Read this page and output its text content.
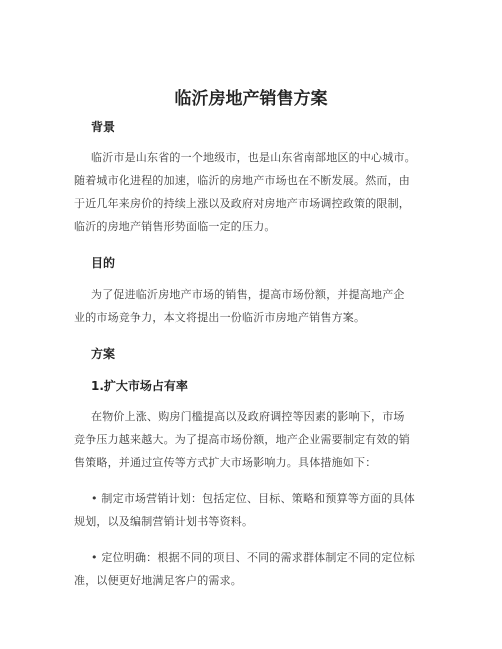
临沂房地产销售方案
背景

临沂市是山东省的一个地级市，也是山东省南部地区的中心城市。

随着城市化进程的加速，临沂的房地产市场也在不断发展。然而，由

于近几年来房价的持续上涨以及政府对房地产市场调控政策的限制，

临沂的房地产销售形势面临一定的压力。

目的

为了促进临沂房地产市场的销售，提高市场份额，并提高地产企

业的市场竞争力，本文将提出一份临沂市房地产销售方案。

方案
1.扩大市场占有率

在物价上涨、购房门槛提高以及政府调控等因素的影响下，市场

竞争压力越来越大。为了提高市场份额，地产企业需要制定有效的销

售策略，并通过宣传等方式扩大市场影响力。具体措施如下：

• 制定市场营销计划：包括定位、目标、策略和预算等方面的具体

规划，以及编制营销计划书等资料。

• 定位明确：根据不同的项目、不同的需求群体制定不同的定位标

准，以便更好地满足客户的需求。
